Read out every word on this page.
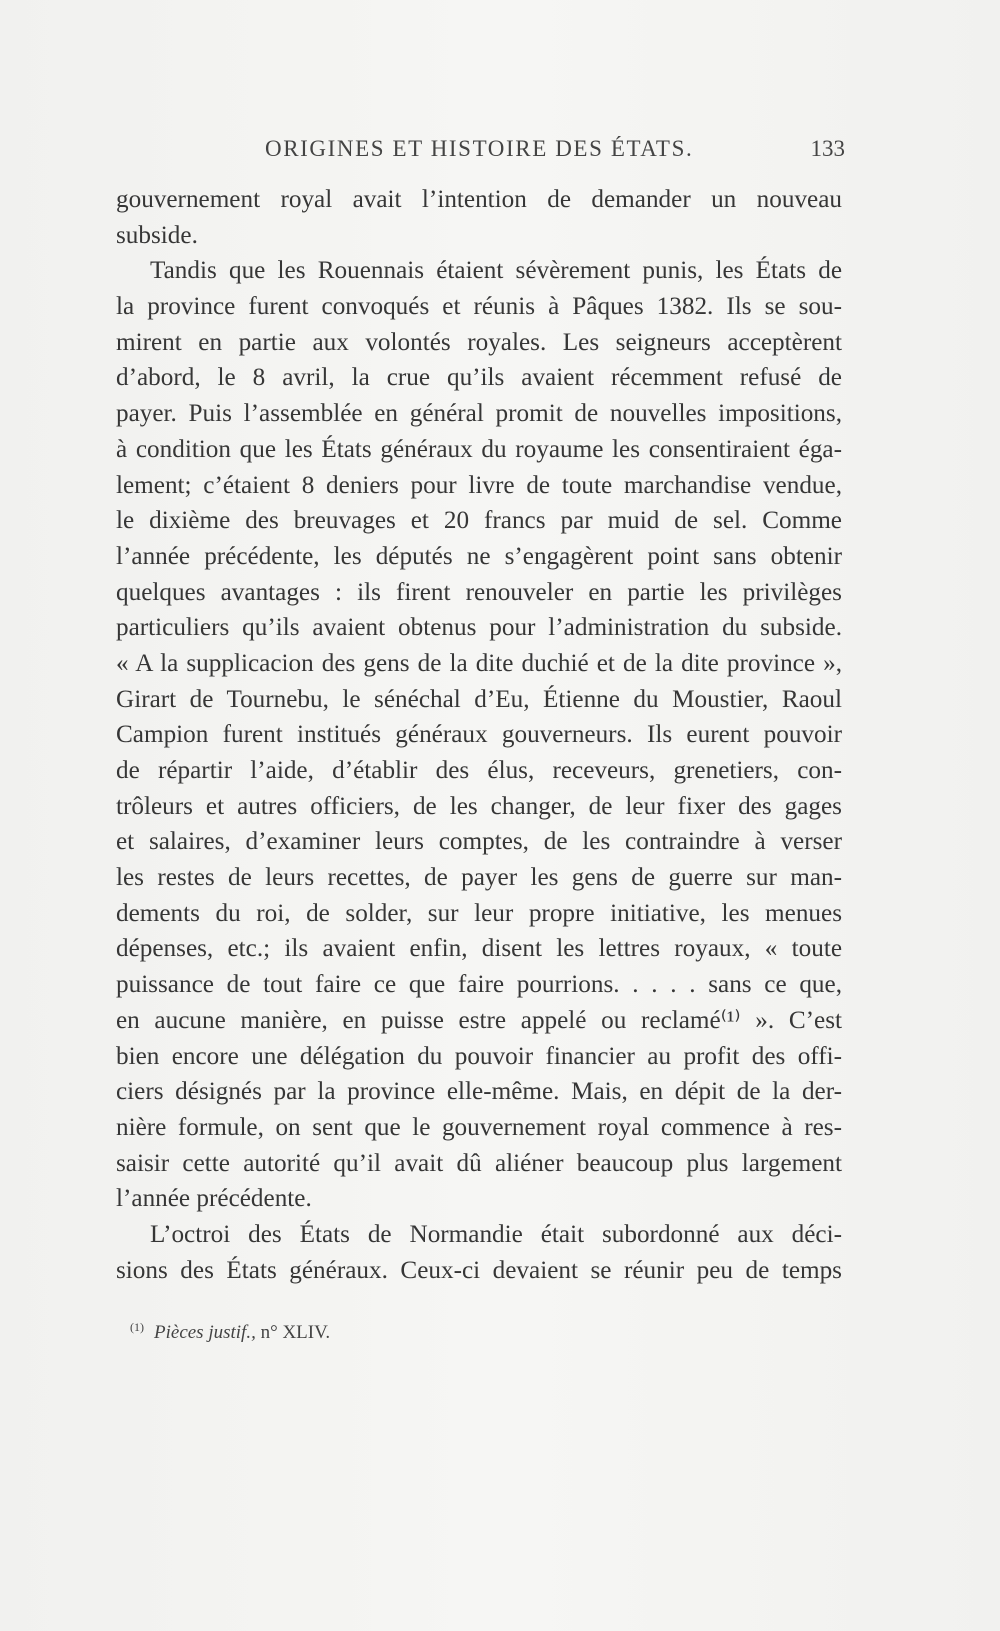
ORIGINES ET HISTOIRE DES ÉTATS.	133
gouvernement royal avait l’intention de demander un nouveau
subside.
Tandis que les Rouennais étaient sévèrement punis, les États de
la province furent convoqués et réunis à Pâques 1382. Ils se sou-
mirent en partie aux volontés royales. Les seigneurs acceptèrent
d’abord, le 8 avril, la crue qu’ils avaient récemment refusé de
payer. Puis l’assemblée en général promit de nouvelles impositions,
à condition que les États généraux du royaume les consentiraient éga-
lement; c’étaient 8 deniers pour livre de toute marchandise vendue,
le dixième des breuvages et 20 francs par muid de sel. Comme
l’année précédente, les députés ne s’engagèrent point sans obtenir
quelques avantages : ils firent renouveler en partie les privilèges
particuliers qu’ils avaient obtenus pour l’administration du subside.
« A la supplicacion des gens de la dite duchié et de la dite province »,
Girart de Tournebu, le sénéchal d’Eu, Étienne du Moustier, Raoul
Campion furent institués généraux gouverneurs. Ils eurent pouvoir
de répartir l’aide, d’établir des élus, receveurs, grenetiers, con-
trôleurs et autres officiers, de les changer, de leur fixer des gages
et salaires, d’examiner leurs comptes, de les contraindre à verser
les restes de leurs recettes, de payer les gens de guerre sur man-
dements du roi, de solder, sur leur propre initiative, les menues
dépenses, etc.; ils avaient enfin, disent les lettres royaux, « toute
puissance de tout faire ce que faire pourrions. . . . . sans ce que,
en aucune manière, en puisse estre appelé ou reclamé⁽¹⁾ ». C’est
bien encore une délégation du pouvoir financier au profit des offi-
ciers désignés par la province elle-même. Mais, en dépit de la der-
nière formule, on sent que le gouvernement royal commence à res-
saisir cette autorité qu’il avait dû aliéner beaucoup plus largement
l’année précédente.
L’octroi des États de Normandie était subordonné aux déci-
sions des États généraux. Ceux-ci devaient se réunir peu de temps
$^{(1)}$ Pièces justif., n° XLIV.
